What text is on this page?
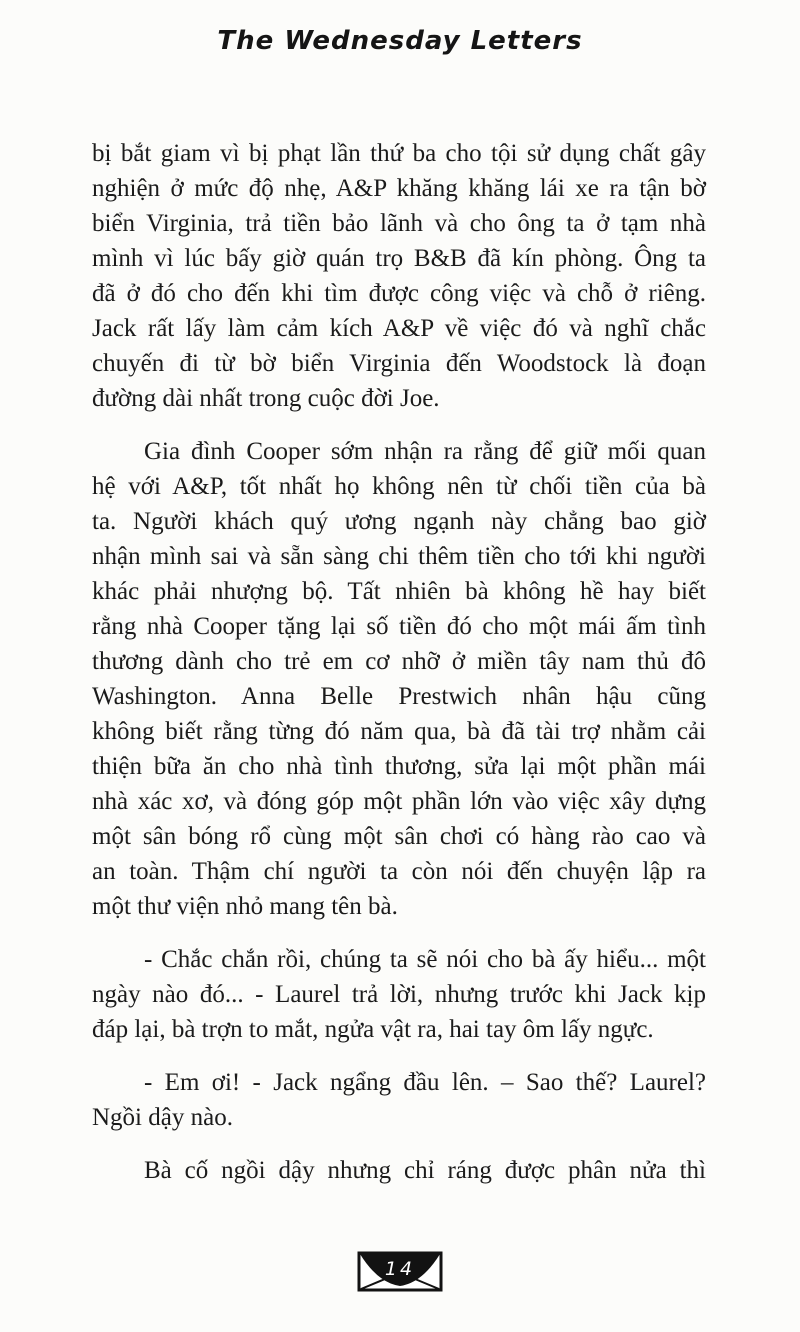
The Wednesday Letters
bị bắt giam vì bị phạt lần thứ ba cho tội sử dụng chất gây
nghiện ở mức độ nhẹ, A&P khăng khăng lái xe ra tận bờ
biển Virginia, trả tiền bảo lãnh và cho ông ta ở tạm nhà
mình vì lúc bấy giờ quán trọ B&B đã kín phòng. Ông ta
đã ở đó cho đến khi tìm được công việc và chỗ ở riêng.
Jack rất lấy làm cảm kích A&P về việc đó và nghĩ chắc
chuyến đi từ bờ biển Virginia đến Woodstock là đoạn
đường dài nhất trong cuộc đời Joe.
Gia đình Cooper sớm nhận ra rằng để giữ mối quan
hệ với A&P, tốt nhất họ không nên từ chối tiền của bà
ta. Người khách quý ương ngạnh này chẳng bao giờ
nhận mình sai và sẵn sàng chi thêm tiền cho tới khi người
khác phải nhượng bộ. Tất nhiên bà không hề hay biết
rằng nhà Cooper tặng lại số tiền đó cho một mái ấm tình
thương dành cho trẻ em cơ nhỡ ở miền tây nam thủ đô
Washington. Anna Belle Prestwich nhân hậu cũng
không biết rằng từng đó năm qua, bà đã tài trợ nhằm cải
thiện bữa ăn cho nhà tình thương, sửa lại một phần mái
nhà xác xơ, và đóng góp một phần lớn vào việc xây dựng
một sân bóng rổ cùng một sân chơi có hàng rào cao và
an toàn. Thậm chí người ta còn nói đến chuyện lập ra
một thư viện nhỏ mang tên bà.
- Chắc chắn rồi, chúng ta sẽ nói cho bà ấy hiểu... một
ngày nào đó... - Laurel trả lời, nhưng trước khi Jack kịp
đáp lại, bà trợn to mắt, ngửa vật ra, hai tay ôm lấy ngực.
- Em ơi! - Jack ngẩng đầu lên. – Sao thế? Laurel?
Ngồi dậy nào.
Bà cố ngồi dậy nhưng chỉ ráng được phân nửa thì
14
